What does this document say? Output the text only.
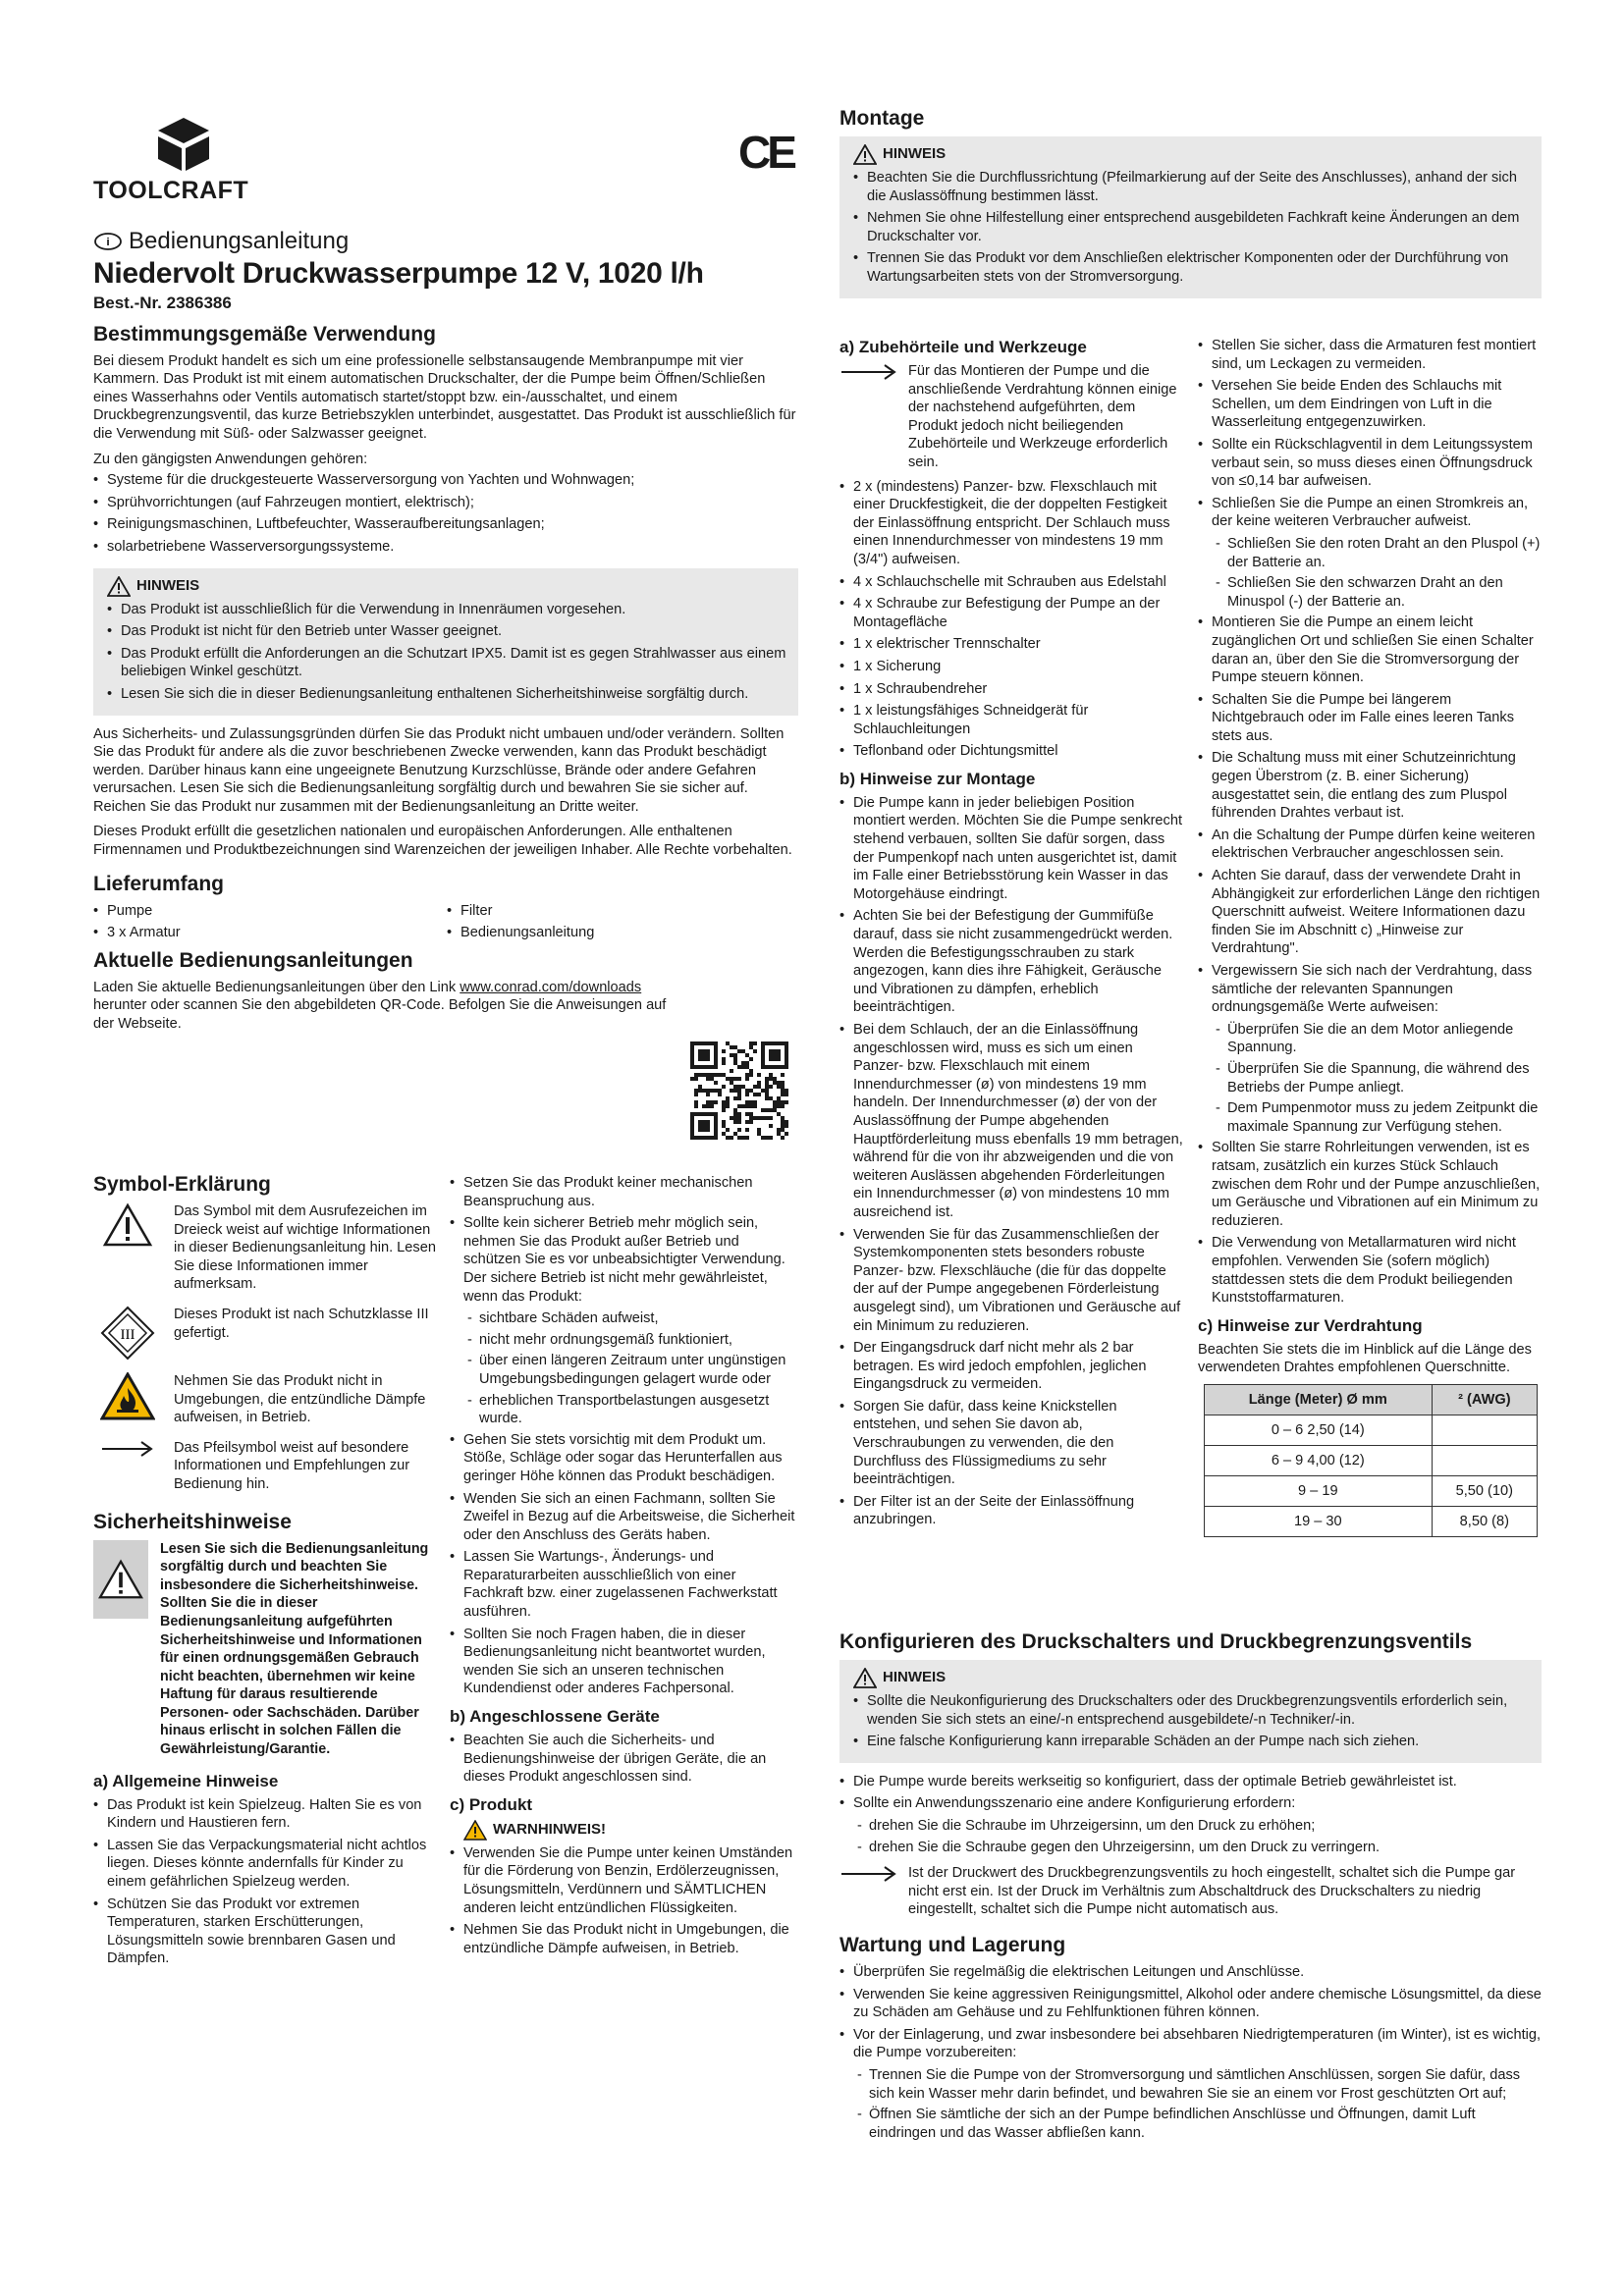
TOOLCRAFT
CE
i Bedienungsanleitung
Niedervolt Druckwasserpumpe 12 V, 1020 l/h
Best.-Nr. 2386386
Bestimmungsgemäße Verwendung

Bei diesem Produkt handelt es sich um eine professionelle selbstansaugende Membranpumpe mit vier Kammern. Das Produkt ist mit einem automatischen Druckschalter, der die Pumpe beim Öffnen/Schließen eines Wasserhahns oder Ventils automatisch startet/stoppt bzw. ein-/ausschaltet, und einem Druckbegrenzungsventil, das kurze Betriebszyklen unterbindet, ausgestattet. Das Produkt ist ausschließlich für die Verwendung mit Süß- oder Salzwasser geeignet.

Zu den gängigsten Anwendungen gehören:

• Systeme für die druckgesteuerte Wasserversorgung von Yachten und Wohnwagen;
• Sprühvorrichtungen (auf Fahrzeugen montiert, elektrisch);
• Reinigungsmaschinen, Luftbefeuchter, Wasseraufbereitungsanlagen;
• solarbetriebene Wasserversorgungssysteme.
HINWEIS
• Das Produkt ist ausschließlich für die Verwendung in Innenräumen vorgesehen.
• Das Produkt ist nicht für den Betrieb unter Wasser geeignet.
• Das Produkt erfüllt die Anforderungen an die Schutzart IPX5. Damit ist es gegen Strahlwasser aus einem beliebigen Winkel geschützt.
• Lesen Sie sich die in dieser Bedienungsanleitung enthaltenen Sicherheitshinweise sorgfältig durch.

Aus Sicherheits- und Zulassungsgründen dürfen Sie das Produkt nicht umbauen und/oder verändern. Sollten Sie das Produkt für andere als die zuvor beschriebenen Zwecke verwenden, kann das Produkt beschädigt werden. Darüber hinaus kann eine ungeeignete Benutzung Kurzschlüsse, Brände oder andere Gefahren verursachen. Lesen Sie sich die Bedienungsanleitung sorgfältig durch und bewahren Sie sie sicher auf. Reichen Sie das Produkt nur zusammen mit der Bedienungsanleitung an Dritte weiter.

Dieses Produkt erfüllt die gesetzlichen nationalen und europäischen Anforderungen. Alle enthaltenen Firmennamen und Produktbezeichnungen sind Warenzeichen der jeweiligen Inhaber. Alle Rechte vorbehalten.

Lieferumfang
• Pumpe	• Filter
• 3 x Armatur	• Bedienungsanleitung
Aktuelle Bedienungsanleitungen

Laden Sie aktuelle Bedienungsanleitungen über den Link www.conrad.com/downloads herunter oder scannen Sie den abgebildeten QR-Code. Befolgen Sie die Anweisungen auf der Webseite.

Symbol-Erklärung
Das Symbol mit dem Ausrufezeichen im Dreieck weist auf wichtige Informationen in dieser Bedienungsanleitung hin. Lesen Sie diese Informationen immer aufmerksam.
III
Dieses Produkt ist nach Schutzklasse III gefertigt.
Nehmen Sie das Produkt nicht in Umgebungen, die entzündliche Dämpfe aufweisen, in Betrieb.
Das Pfeilsymbol weist auf besondere Informationen und Empfehlungen zur Bedienung hin.
Sicherheitshinweise
Lesen Sie sich die Bedienungsanleitung sorgfältig durch und beachten Sie insbesondere die Sicherheitshinweise. Sollten Sie die in dieser Bedienungsanleitung aufgeführten Sicherheitshinweise und Informationen für einen ordnungsgemäßen Gebrauch nicht beachten, übernehmen wir keine Haftung für daraus resultierende Personen- oder Sachschäden. Darüber hinaus erlischt in solchen Fällen die Gewährleistung/Garantie.
a) Allgemeine Hinweise
• Das Produkt ist kein Spielzeug. Halten Sie es von Kindern und Haustieren fern.
• Lassen Sie das Verpackungsmaterial nicht achtlos liegen. Dieses könnte andernfalls für Kinder zu einem gefährlichen Spielzeug werden.
• Schützen Sie das Produkt vor extremen Temperaturen, starken Erschütterungen, Lösungsmitteln sowie brennbaren Gasen und Dämpfen.
• Setzen Sie das Produkt keiner mechanischen Beanspruchung aus.
• Sollte kein sicherer Betrieb mehr möglich sein, nehmen Sie das Produkt außer Betrieb und schützen Sie es vor unbeabsichtigter Verwendung. Der sichere Betrieb ist nicht mehr gewährleistet, wenn das Produkt:
- sichtbare Schäden aufweist,
- nicht mehr ordnungsgemäß funktioniert,
- über einen längeren Zeitraum unter ungünstigen Umgebungsbedingungen gelagert wurde oder
- erheblichen Transportbelastungen ausgesetzt wurde.
• Gehen Sie stets vorsichtig mit dem Produkt um. Stöße, Schläge oder sogar das Herunterfallen aus geringer Höhe können das Produkt beschädigen.
• Wenden Sie sich an einen Fachmann, sollten Sie Zweifel in Bezug auf die Arbeitsweise, die Sicherheit oder den Anschluss des Geräts haben.
• Lassen Sie Wartungs-, Änderungs- und Reparaturarbeiten ausschließlich von einer Fachkraft bzw. einer zugelassenen Fachwerkstatt ausführen.
• Sollten Sie noch Fragen haben, die in dieser Bedienungsanleitung nicht beantwortet wurden, wenden Sie sich an unseren technischen Kundendienst oder anderes Fachpersonal.
b) Angeschlossene Geräte
• Beachten Sie auch die Sicherheits- und Bedienungshinweise der übrigen Geräte, die an dieses Produkt angeschlossen sind.
c) Produkt
WARNHINWEIS!
• Verwenden Sie die Pumpe unter keinen Umständen für die Förderung von Benzin, Erdölerzeugnissen, Lösungsmitteln, Verdünnern und SÄMTLICHEN anderen leicht entzündlichen Flüssigkeiten.
• Nehmen Sie das Produkt nicht in Umgebungen, die entzündliche Dämpfe aufweisen, in Betrieb.
Montage
HINWEIS
• Beachten Sie die Durchflussrichtung (Pfeilmarkierung auf der Seite des Anschlusses), anhand der sich die Auslassöffnung bestimmen lässt.
• Nehmen Sie ohne Hilfestellung einer entsprechend ausgebildeten Fachkraft keine Änderungen an dem Druckschalter vor.
• Trennen Sie das Produkt vor dem Anschließen elektrischer Komponenten oder der Durchführung von Wartungsarbeiten stets von der Stromversorgung.
a) Zubehörteile und Werkzeuge
Für das Montieren der Pumpe und die anschließende Verdrahtung können einige der nachstehend aufgeführten, dem Produkt jedoch nicht beiliegenden Zubehörteile und Werkzeuge erforderlich sein.
• 2 x (mindestens) Panzer- bzw. Flexschlauch mit einer Druckfestigkeit, die der doppelten Festigkeit der Einlassöffnung entspricht. Der Schlauch muss einen Innendurchmesser von mindestens 19 mm (3/4") aufweisen.
• 4 x Schlauchschelle mit Schrauben aus Edelstahl
• 4 x Schraube zur Befestigung der Pumpe an der Montagefläche
• 1 x elektrischer Trennschalter
• 1 x Sicherung
• 1 x Schraubendreher
• 1 x leistungsfähiges Schneidgerät für Schlauchleitungen
• Teflonband oder Dichtungsmittel
b) Hinweise zur Montage
• Die Pumpe kann in jeder beliebigen Position montiert werden. Möchten Sie die Pumpe senkrecht stehend verbauen, sollten Sie dafür sorgen, dass der Pumpenkopf nach unten ausgerichtet ist, damit im Falle einer Betriebsstörung kein Wasser in das Motorgehäuse eindringt.
• Achten Sie bei der Befestigung der Gummifüße darauf, dass sie nicht zusammengedrückt werden. Werden die Befestigungsschrauben zu stark angezogen, kann dies ihre Fähigkeit, Geräusche und Vibrationen zu dämpfen, erheblich beeinträchtigen.
• Bei dem Schlauch, der an die Einlassöffnung angeschlossen wird, muss es sich um einen Panzer- bzw. Flexschlauch mit einem Innendurchmesser (ø) von mindestens 19 mm handeln. Der Innendurchmesser (ø) der von der Auslassöffnung der Pumpe abgehenden Hauptförderleitung muss ebenfalls 19 mm betragen, während für die von ihr abzweigenden und die von weiteren Auslässen abgehenden Förderleitungen ein Innendurchmesser (ø) von mindestens 10 mm ausreichend ist.
• Verwenden Sie für das Zusammenschließen der Systemkomponenten stets besonders robuste Panzer- bzw. Flexschläuche (die für das doppelte der auf der Pumpe angegebenen Förderleistung ausgelegt sind), um Vibrationen und Geräusche auf ein Minimum zu reduzieren.
• Der Eingangsdruck darf nicht mehr als 2 bar betragen. Es wird jedoch empfohlen, jeglichen Eingangsdruck zu vermeiden.
• Sorgen Sie dafür, dass keine Knickstellen entstehen, und sehen Sie davon ab, Verschraubungen zu verwenden, die den Durchfluss des Flüssigmediums zu sehr beeinträchtigen.
• Der Filter ist an der Seite der Einlassöffnung anzubringen.
• Stellen Sie sicher, dass die Armaturen fest montiert sind, um Leckagen zu vermeiden.
• Versehen Sie beide Enden des Schlauchs mit Schellen, um dem Eindringen von Luft in die Wasserleitung entgegenzuwirken.
• Sollte ein Rückschlagventil in dem Leitungssystem verbaut sein, so muss dieses einen Öffnungsdruck von ≤0,14 bar aufweisen.
• Schließen Sie die Pumpe an einen Stromkreis an, der keine weiteren Verbraucher aufweist.
- Schließen Sie den roten Draht an den Pluspol (+) der Batterie an.
- Schließen Sie den schwarzen Draht an den Minuspol (-) der Batterie an.
• Montieren Sie die Pumpe an einem leicht zugänglichen Ort und schließen Sie einen Schalter daran an, über den Sie die Stromversorgung der Pumpe steuern können.
• Schalten Sie die Pumpe bei längerem Nichtgebrauch oder im Falle eines leeren Tanks stets aus.
• Die Schaltung muss mit einer Schutzeinrichtung gegen Überstrom (z. B. einer Sicherung) ausgestattet sein, die entlang des zum Pluspol führenden Drahtes verbaut ist.
• An die Schaltung der Pumpe dürfen keine weiteren elektrischen Verbraucher angeschlossen sein.
• Achten Sie darauf, dass der verwendete Draht in Abhängigkeit zur erforderlichen Länge den richtigen Querschnitt aufweist. Weitere Informationen dazu finden Sie im Abschnitt c) „Hinweise zur Verdrahtung".
• Vergewissern Sie sich nach der Verdrahtung, dass sämtliche der relevanten Spannungen ordnungsgemäße Werte aufweisen:
- Überprüfen Sie die an dem Motor anliegende Spannung.
- Überprüfen Sie die Spannung, die während des Betriebs der Pumpe anliegt.
- Dem Pumpenmotor muss zu jedem Zeitpunkt die maximale Spannung zur Verfügung stehen.
• Sollten Sie starre Rohrleitungen verwenden, ist es ratsam, zusätzlich ein kurzes Stück Schlauch zwischen dem Rohr und der Pumpe anzuschließen, um Geräusche und Vibrationen auf ein Minimum zu reduzieren.
• Die Verwendung von Metallarmaturen wird nicht empfohlen. Verwenden Sie (sofern möglich) stattdessen stets die dem Produkt beiliegenden Kunststoffarmaturen.
c) Hinweise zur Verdrahtung

Beachten Sie stets die im Hinblick auf die Länge des verwendeten Drahtes empfohlenen Querschnitte.

Länge (Meter) Ø mm	² (AWG)
0 – 6 2,50 (14)	
6 – 9 4,00 (12)	
9 – 19	5,50 (10)
19 – 30	8,50 (8)
Konfigurieren des Druckschalters und Druckbegrenzungsventils
HINWEIS
• Sollte die Neukonfigurierung des Druckschalters oder des Druckbegrenzungsventils erforderlich sein, wenden Sie sich stets an eine/-n entsprechend ausgebildete/-n Techniker/-in.
• Eine falsche Konfigurierung kann irreparable Schäden an der Pumpe nach sich ziehen.
• Die Pumpe wurde bereits werkseitig so konfiguriert, dass der optimale Betrieb gewährleistet ist.
• Sollte ein Anwendungsszenario eine andere Konfigurierung erfordern:
- drehen Sie die Schraube im Uhrzeigersinn, um den Druck zu erhöhen;
- drehen Sie die Schraube gegen den Uhrzeigersinn, um den Druck zu verringern.
Ist der Druckwert des Druckbegrenzungsventils zu hoch eingestellt, schaltet sich die Pumpe gar nicht erst ein. Ist der Druck im Verhältnis zum Abschaltdruck des Druckschalters zu niedrig eingestellt, schaltet sich die Pumpe nicht automatisch aus.
Wartung und Lagerung
• Überprüfen Sie regelmäßig die elektrischen Leitungen und Anschlüsse.
• Verwenden Sie keine aggressiven Reinigungsmittel, Alkohol oder andere chemische Lösungsmittel, da diese zu Schäden am Gehäuse und zu Fehlfunktionen führen können.
• Vor der Einlagerung, und zwar insbesondere bei absehbaren Niedrigtemperaturen (im Winter), ist es wichtig, die Pumpe vorzubereiten:
- Trennen Sie die Pumpe von der Stromversorgung und sämtlichen Anschlüssen, sorgen Sie dafür, dass sich kein Wasser mehr darin befindet, und bewahren Sie sie an einem vor Frost geschützten Ort auf;
- Öffnen Sie sämtliche der sich an der Pumpe befindlichen Anschlüsse und Öffnungen, damit Luft eindringen und das Wasser abfließen kann.
